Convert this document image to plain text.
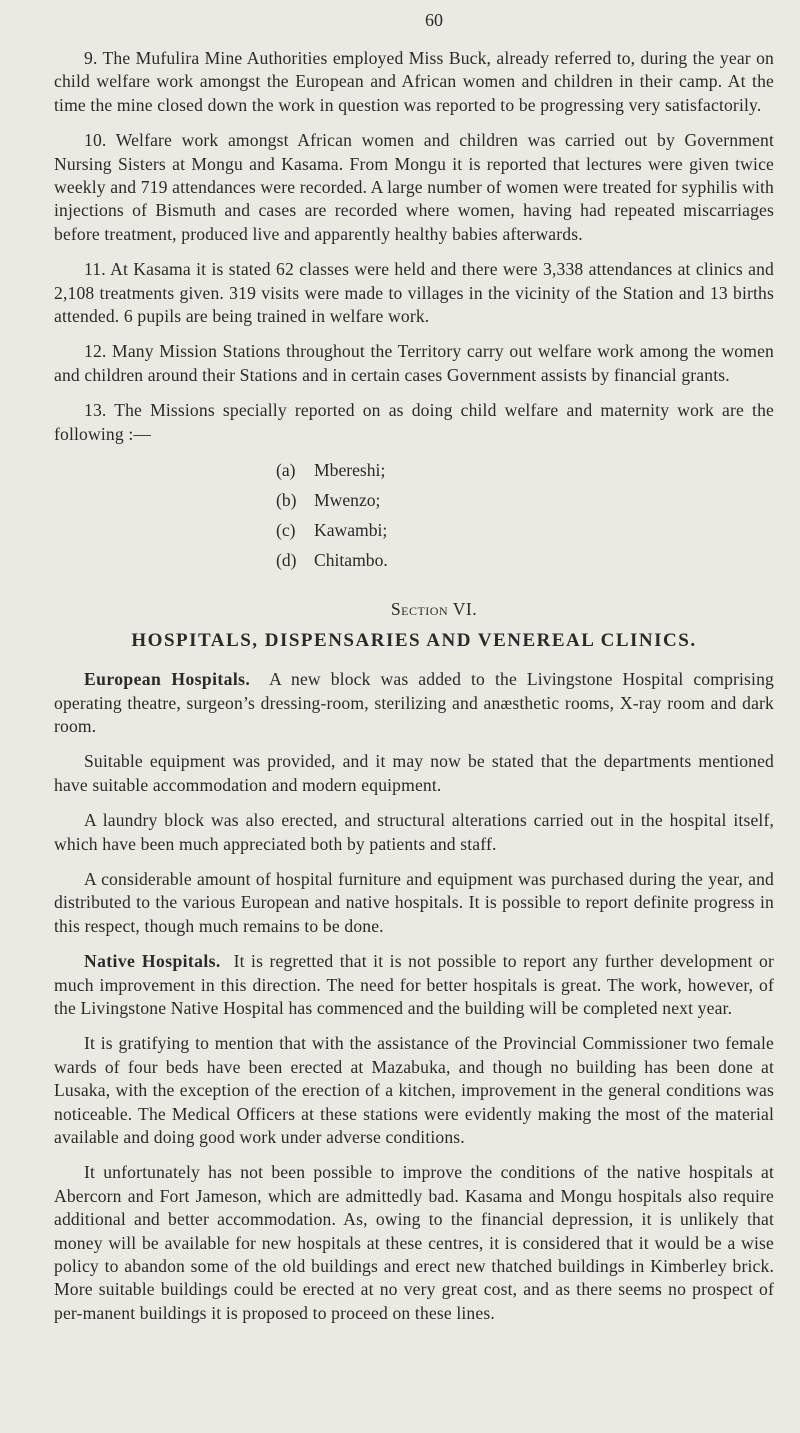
60

9. The Mufulira Mine Authorities employed Miss Buck, already referred to, during the year on child welfare work amongst the European and African women and children in their camp. At the time the mine closed down the work in question was reported to be progressing very satisfactorily.

10. Welfare work amongst African women and children was carried out by Government Nursing Sisters at Mongu and Kasama. From Mongu it is reported that lectures were given twice weekly and 719 attendances were recorded. A large number of women were treated for syphilis with injections of Bismuth and cases are recorded where women, having had repeated miscarriages before treatment, produced live and apparently healthy babies afterwards.

11. At Kasama it is stated 62 classes were held and there were 3,338 attendances at clinics and 2,108 treatments given. 319 visits were made to villages in the vicinity of the Station and 13 births attended. 6 pupils are being trained in welfare work.

12. Many Mission Stations throughout the Territory carry out welfare work among the women and children around their Stations and in certain cases Government assists by financial grants.

13. The Missions specially reported on as doing child welfare and maternity work are the following :—

(a) Mbereshi;
(b) Mwenzo;
(c) Kawambi;
(d) Chitambo.
Section VI.
HOSPITALS, DISPENSARIES AND VENEREAL CLINICS.

European Hospitals. A new block was added to the Livingstone Hospital comprising operating theatre, surgeon’s dressing-room, sterilizing and anæsthetic rooms, X-ray room and dark room.

Suitable equipment was provided, and it may now be stated that the departments mentioned have suitable accommodation and modern equipment.

A laundry block was also erected, and structural alterations carried out in the hospital itself, which have been much appreciated both by patients and staff.

A considerable amount of hospital furniture and equipment was purchased during the year, and distributed to the various European and native hospitals. It is possible to report definite progress in this respect, though much remains to be done.

Native Hospitals. It is regretted that it is not possible to report any further development or much improvement in this direction. The need for better hospitals is great. The work, however, of the Livingstone Native Hospital has commenced and the building will be completed next year.

It is gratifying to mention that with the assistance of the Provincial Commissioner two female wards of four beds have been erected at Mazabuka, and though no building has been done at Lusaka, with the exception of the erection of a kitchen, improvement in the general conditions was noticeable. The Medical Officers at these stations were evidently making the most of the material available and doing good work under adverse conditions.

It unfortunately has not been possible to improve the conditions of the native hospitals at Abercorn and Fort Jameson, which are admittedly bad. Kasama and Mongu hospitals also require additional and better accommodation. As, owing to the financial depression, it is unlikely that money will be available for new hospitals at these centres, it is considered that it would be a wise policy to abandon some of the old buildings and erect new thatched buildings in Kimberley brick. More suitable buildings could be erected at no very great cost, and as there seems no prospect of per-manent buildings it is proposed to proceed on these lines.
